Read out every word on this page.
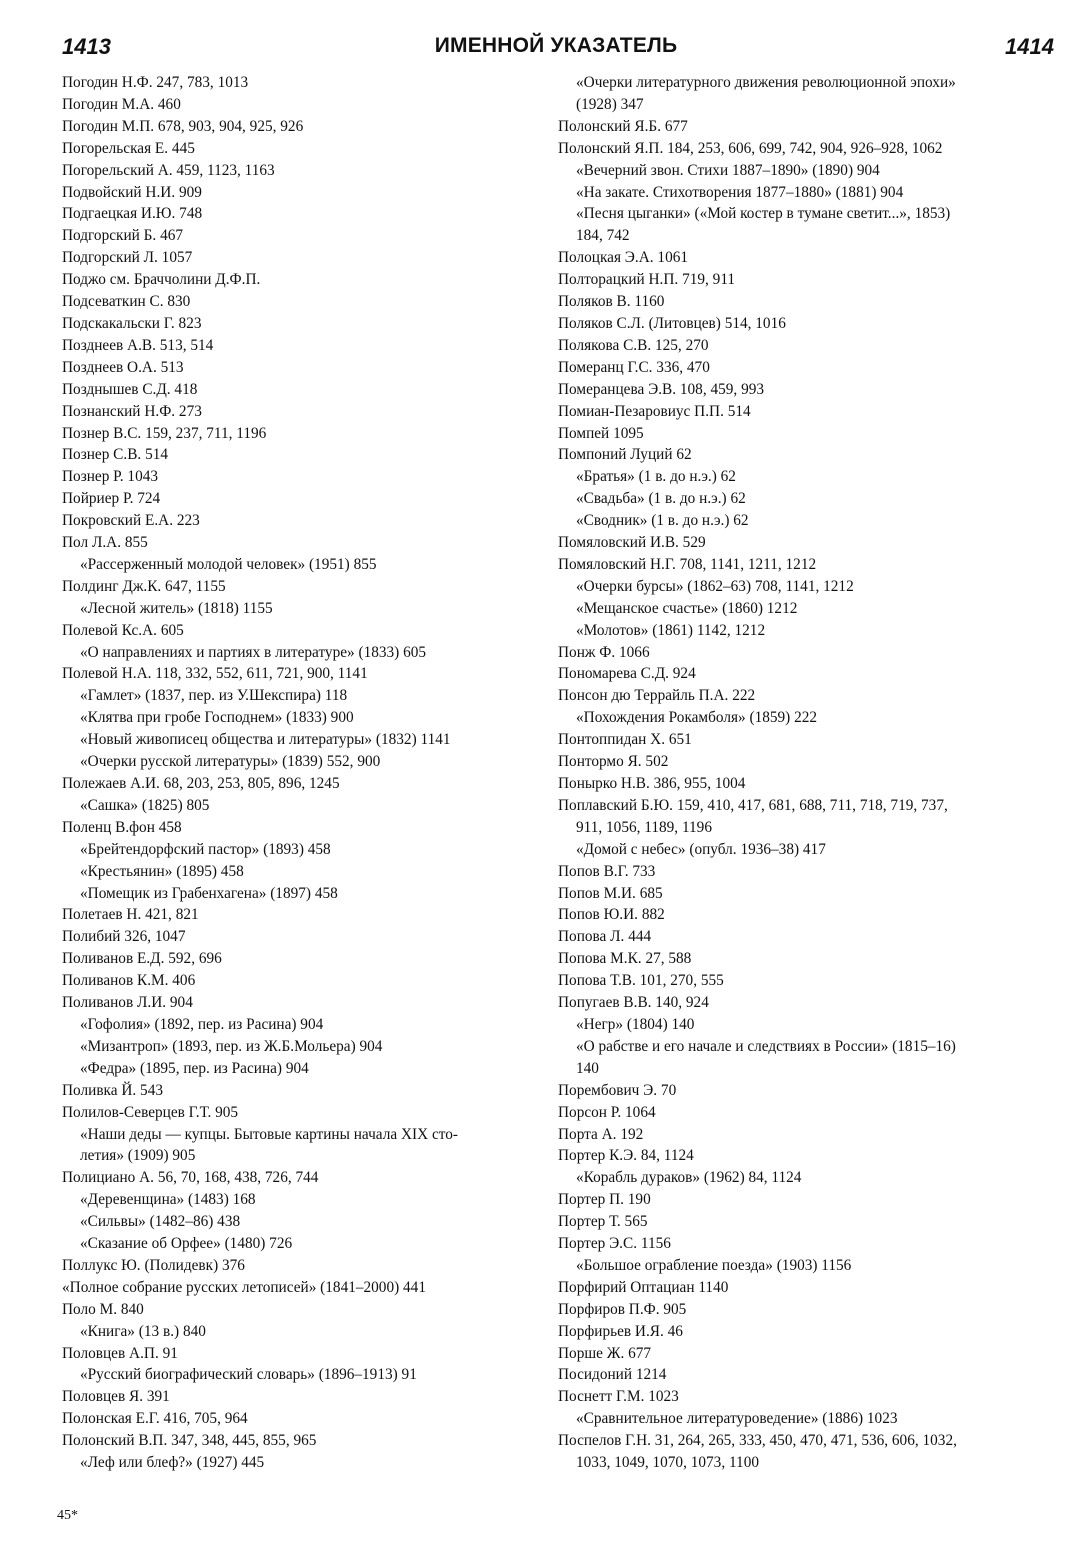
1413	ИМЕННОЙ УКАЗАТЕЛЬ	1414
Погодин Н.Ф. 247, 783, 1013
Погодин М.А. 460
Погодин М.П. 678, 903, 904, 925, 926
Погорельская Е. 445
Погорельский А. 459, 1123, 1163
Подвойский Н.И. 909
Подгаецкая И.Ю. 748
Подгорский Б. 467
Подгорский Л. 1057
Поджо см. Браччолини Д.Ф.П.
Подсеваткин С. 830
Подскакальски Г. 823
Позднеев А.В. 513, 514
Позднеев О.А. 513
Позднышев С.Д. 418
Познанский Н.Ф. 273
Познер В.С. 159, 237, 711, 1196
Познер С.В. 514
Познер Р. 1043
Пойриер Р. 724
Покровский Е.А. 223
Пол Л.А. 855
«Рассерженный молодой человек» (1951) 855
Полдинг Дж.К. 647, 1155
«Лесной житель» (1818) 1155
Полевой Кс.А. 605
«О направлениях и партиях в литературе» (1833) 605
Полевой Н.А. 118, 332, 552, 611, 721, 900, 1141
«Гамлет» (1837, пер. из У.Шекспира) 118
«Клятва при гробе Господнем» (1833) 900
«Новый живописец общества и литературы» (1832) 1141
«Очерки русской литературы» (1839) 552, 900
Полежаев А.И. 68, 203, 253, 805, 896, 1245
«Сашка» (1825) 805
Поленц В.фон 458
«Брейтендорфский пастор» (1893) 458
«Крестьянин» (1895) 458
«Помещик из Грабенхагена» (1897) 458
Полетаев Н. 421, 821
Полибий 326, 1047
Поливанов Е.Д. 592, 696
Поливанов К.М. 406
Поливанов Л.И. 904
«Гофолия» (1892, пер. из Расина) 904
«Мизантроп» (1893, пер. из Ж.Б.Мольера) 904
«Федра» (1895, пер. из Расина) 904
Поливка Й. 543
Полилов-Северцев Г.Т. 905
«Наши деды — купцы. Бытовые картины начала XIX сто-
летия» (1909) 905
Полициано А. 56, 70, 168, 438, 726, 744
«Деревенщина» (1483) 168
«Сильвы» (1482–86) 438
«Сказание об Орфее» (1480) 726
Поллукс Ю. (Полидевк) 376
«Полное собрание русских летописей» (1841–2000) 441
Поло М. 840
«Книга» (13 в.) 840
Половцев А.П. 91
«Русский биографический словарь» (1896–1913) 91
Половцев Я. 391
Полонская Е.Г. 416, 705, 964
Полонский В.П. 347, 348, 445, 855, 965
«Леф или блеф?» (1927) 445
«Очерки литературного движения революционной эпохи»
(1928) 347
Полонский Я.Б. 677
Полонский Я.П. 184, 253, 606, 699, 742, 904, 926–928, 1062
«Вечерний звон. Стихи 1887–1890» (1890) 904
«На закате. Стихотворения 1877–1880» (1881) 904
«Песня цыганки» («Мой костер в тумане светит...», 1853)
184, 742
Полоцкая Э.А. 1061
Полторацкий Н.П. 719, 911
Поляков В. 1160
Поляков С.Л. (Литовцев) 514, 1016
Полякова С.В. 125, 270
Померанц Г.С. 336, 470
Померанцева Э.В. 108, 459, 993
Помиан-Пезаровиус П.П. 514
Помпей 1095
Помпоний Луций 62
«Братья» (1 в. до н.э.) 62
«Свадьба» (1 в. до н.э.) 62
«Сводник» (1 в. до н.э.) 62
Помяловский И.В. 529
Помяловский Н.Г. 708, 1141, 1211, 1212
«Очерки бурсы» (1862–63) 708, 1141, 1212
«Мещанское счастье» (1860) 1212
«Молотов» (1861) 1142, 1212
Понж Ф. 1066
Пономарева С.Д. 924
Понсон дю Террайль П.А. 222
«Похождения Рокамболя» (1859) 222
Понтоппидан Х. 651
Понтормо Я. 502
Понырко Н.В. 386, 955, 1004
Поплавский Б.Ю. 159, 410, 417, 681, 688, 711, 718, 719, 737,
911, 1056, 1189, 1196
«Домой с небес» (опубл. 1936–38) 417
Попов В.Г. 733
Попов М.И. 685
Попов Ю.И. 882
Попова Л. 444
Попова М.К. 27, 588
Попова Т.В. 101, 270, 555
Попугаев В.В. 140, 924
«Негр» (1804) 140
«О рабстве и его начале и следствиях в России» (1815–16)
140
Порембович Э. 70
Порсон Р. 1064
Порта А. 192
Портер К.Э. 84, 1124
«Корабль дураков» (1962) 84, 1124
Портер П. 190
Портер Т. 565
Портер Э.С. 1156
«Большое ограбление поезда» (1903) 1156
Порфирий Оптациан 1140
Порфиров П.Ф. 905
Порфирьев И.Я. 46
Порше Ж. 677
Посидоний 1214
Поснетт Г.М. 1023
«Сравнительное литературоведение» (1886) 1023
Поспелов Г.Н. 31, 264, 265, 333, 450, 470, 471, 536, 606, 1032,
1033, 1049, 1070, 1073, 1100
45*
